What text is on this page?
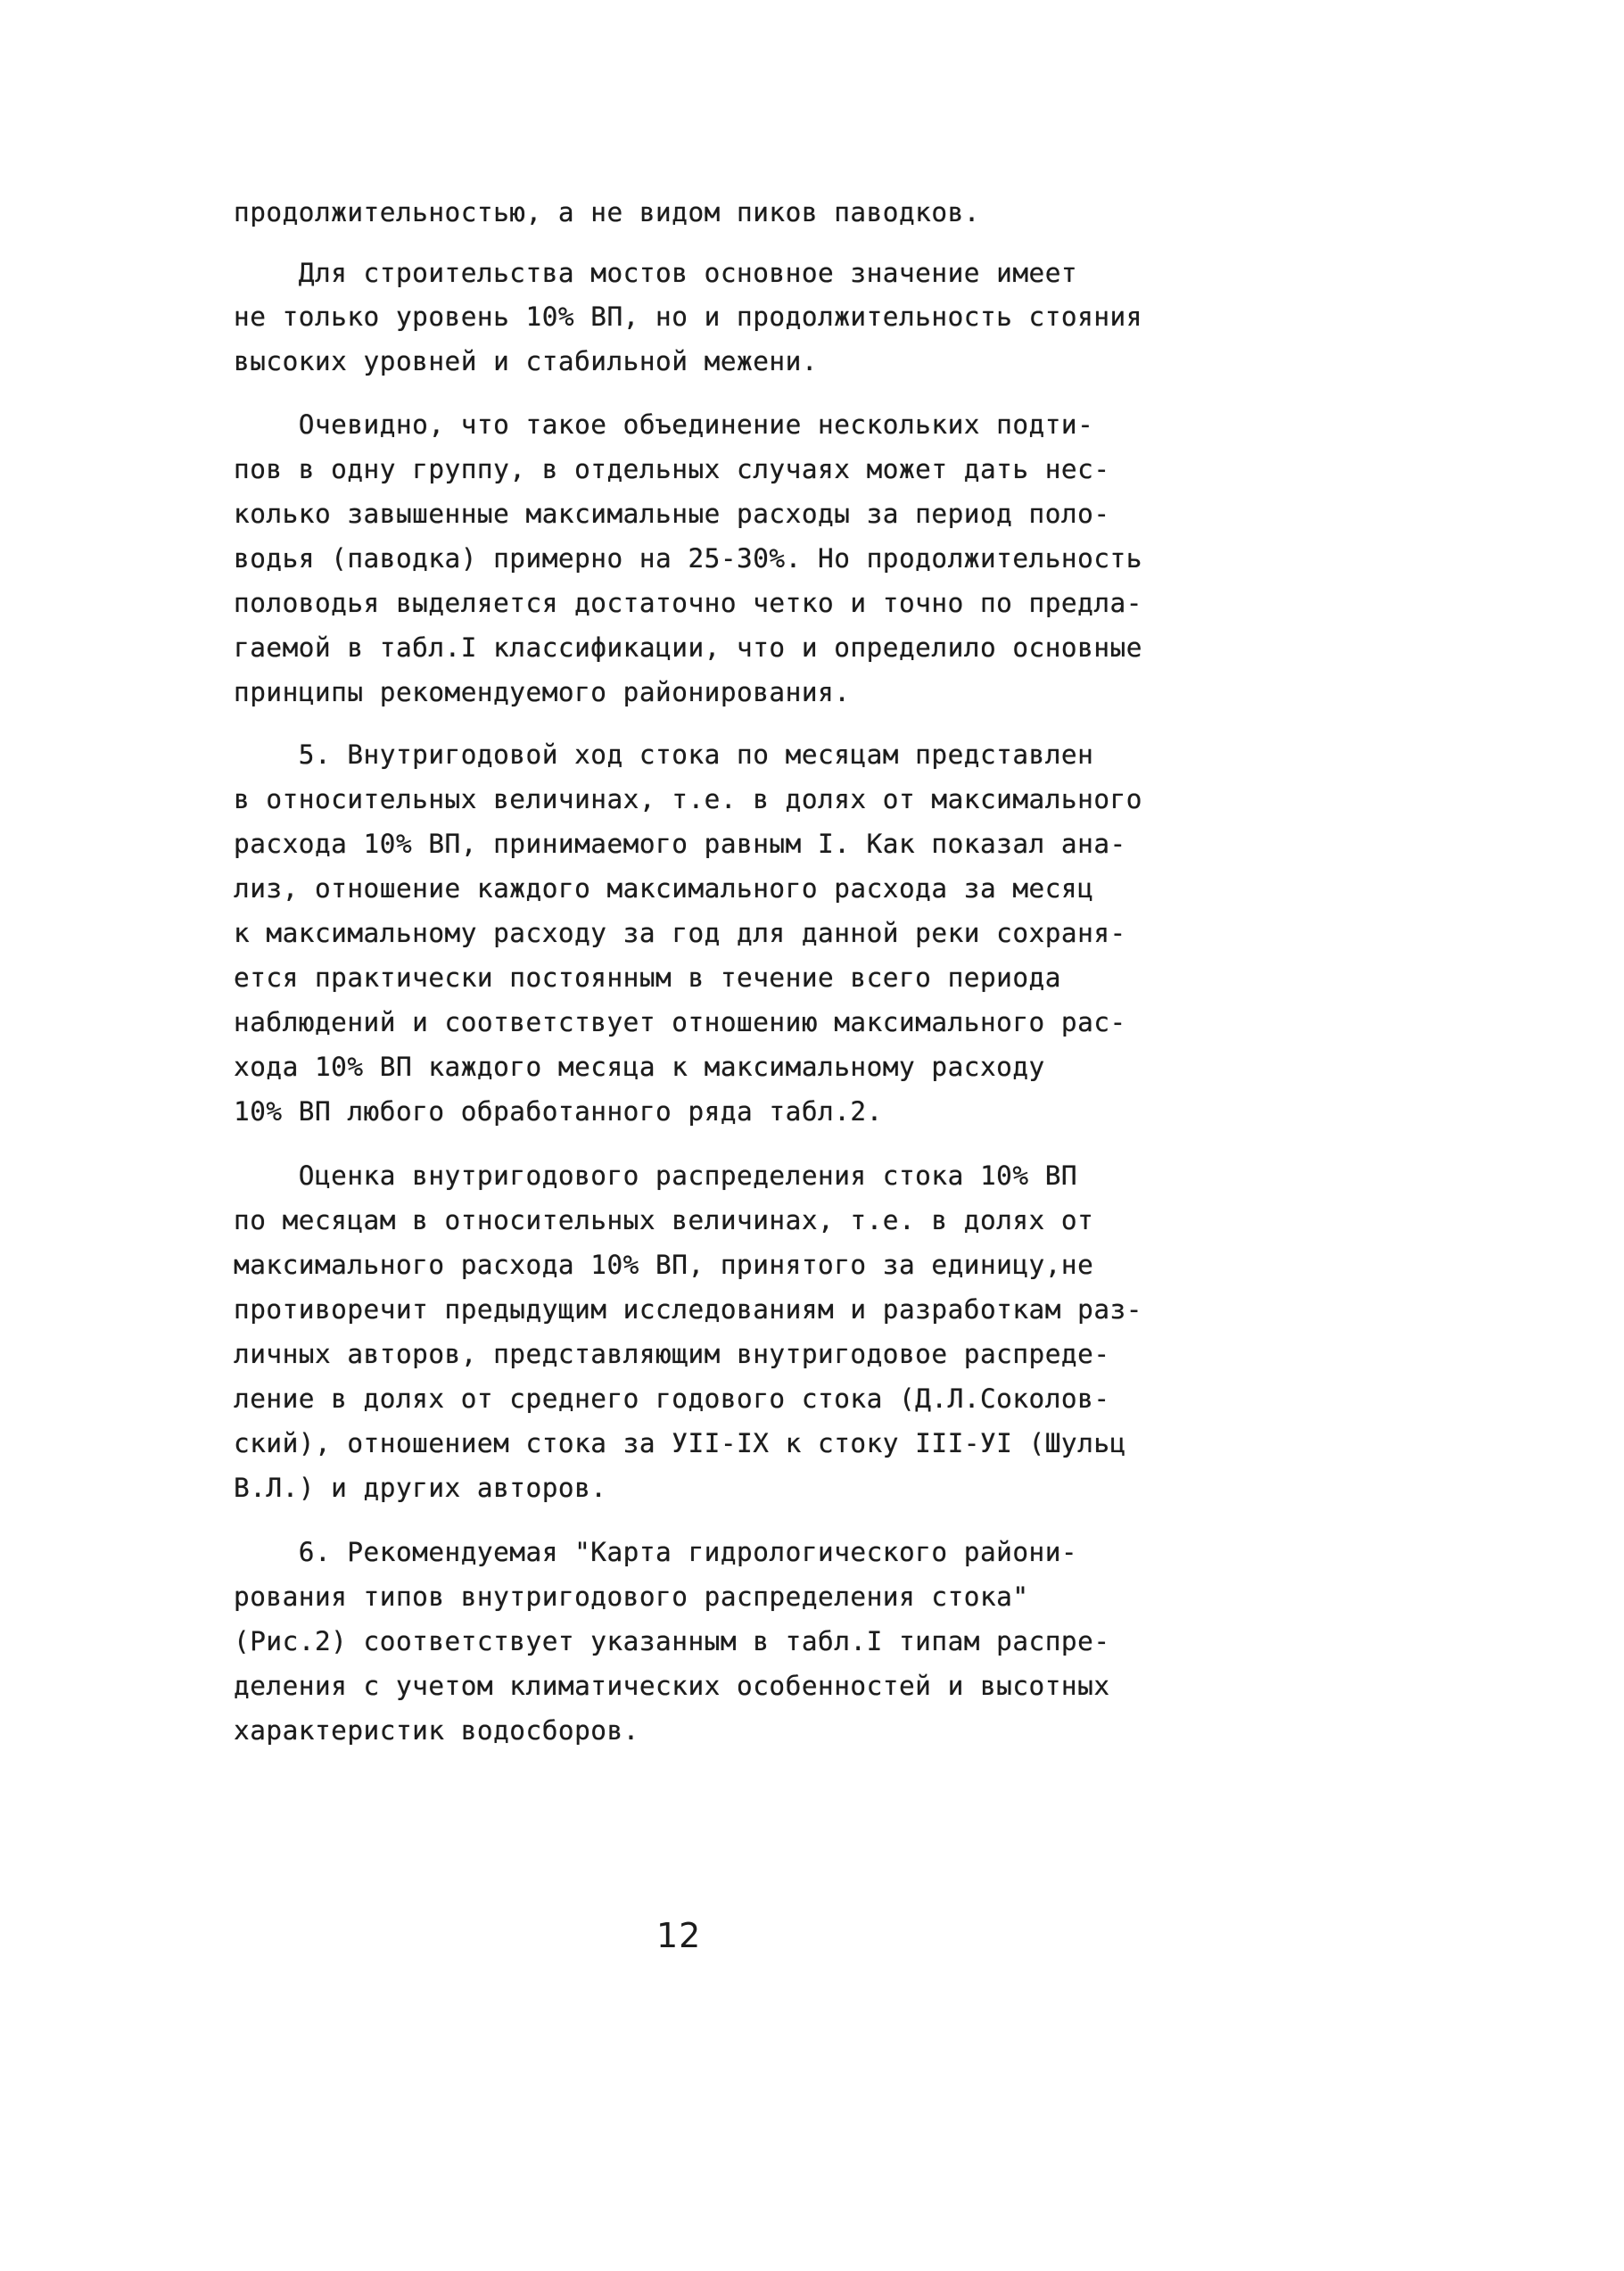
продолжительностью, а не видом пиков паводков.
Для строительства мостов основное значение имеет
не только уровень 10% ВП, но и продолжительность стояния
высоких уровней и стабильной межени.
Очевидно, что такое объединение нескольких подти-
пов в одну группу, в отдельных случаях может дать нес-
колько завышенные максимальные расходы за период поло-
водья (паводка) примерно на 25-30%. Но продолжительность
половодья выделяется достаточно четко и точно по предла-
гаемой в табл.I классификации, что и определило основные
принципы рекомендуемого районирования.
5. Внутригодовой ход стока по месяцам представлен
в относительных величинах, т.е. в долях от максимального
расхода 10% ВП, принимаемого равным I. Как показал ана-
лиз, отношение каждого максимального расхода за месяц
к максимальному расходу за год для данной реки сохраня-
ется практически постоянным в течение всего периода
наблюдений и соответствует отношению максимального рас-
хода 10% ВП каждого месяца к максимальному расходу
10% ВП любого обработанного ряда табл.2.
Оценка внутригодового распределения стока 10% ВП
по месяцам в относительных величинах, т.е. в долях от
максимального расхода 10% ВП, принятого за единицу,не
противоречит предыдущим исследованиям и разработкам раз-
личных авторов, представляющим внутригодовое распреде-
ление в долях от среднего годового стока (Д.Л.Соколов-
ский), отношением стока за УII-IX к стоку III-УI (Шульц
В.Л.) и других авторов.
6. Рекомендуемая "Карта гидрологического райони-
рования типов внутригодового распределения стока"
(Рис.2) соответствует указанным в табл.I типам распре-
деления с учетом климатических особенностей и высотных
характеристик водосборов.
12
